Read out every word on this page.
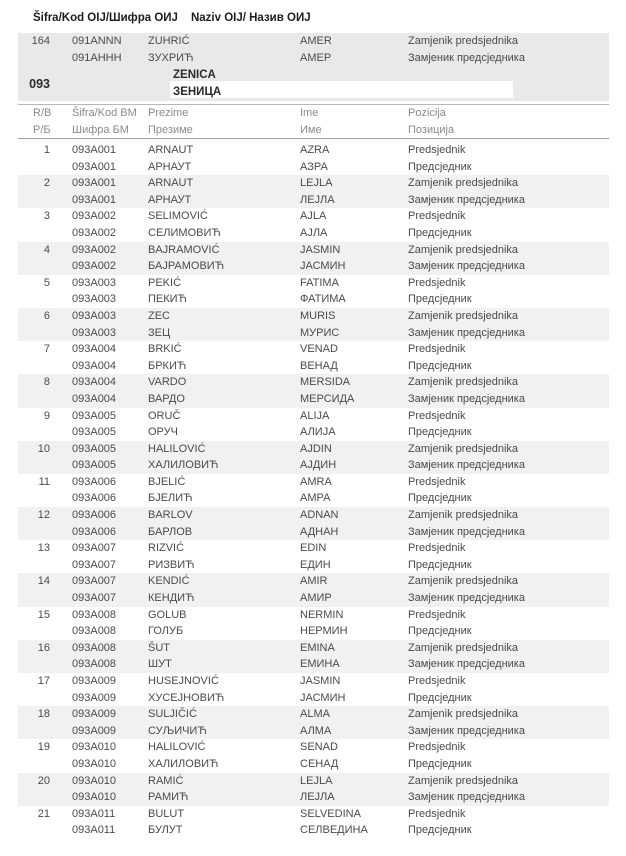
Šifra/Kod OIJ/Шифра ОИЈ Naziv OIJ/ Назив ОИЈ
164	091ANNN	ZUHRIĆ	AMER	Zamjenik predsjednika
091АННН	ЗУХРИЋ	АМЕР	Замјеник предсједника
093
ZENICA
ЗЕНИЦА
R/B	Šifra/Kod BM	Prezime	Ime	Pozicija
Р/Б	Шифра БМ	Презиме	Име	Позиција
1	093A001	ARNAUT	AZRA	Predsjednik
093A001	АРНАУТ	АЗРА	Предсједник
2	093A001	ARNAUT	LEJLA	Zamjenik predsjednika
093A001	АРНАУТ	ЛЕЈЛА	Замјеник предсједника
3	093A002	SELIMOVIĆ	AJLA	Predsjednik
093A002	СЕЛИМОВИЋ	АЈЛА	Предсједник
4	093A002	BAJRAMOVIĆ	JASMIN	Zamjenik predsjednika
093A002	БАЈРАМОВИЋ	ЈАСМИН	Замјеник предсједника
5	093A003	PEKIĆ	FATIMA	Predsjednik
093A003	ПЕКИЋ	ФАТИМА	Предсједник
6	093A003	ZEC	MURIS	Zamjenik predsjednika
093A003	ЗЕЦ	МУРИС	Замјеник предсједника
7	093A004	BRKIĆ	VENAD	Predsjednik
093A004	БРКИЋ	ВЕНАД	Предсједник
8	093A004	VARDO	MERSIDA	Zamjenik predsjednika
093A004	ВАРДО	МЕРСИДА	Замјеник предсједника
9	093A005	ORUČ	ALIJA	Predsjednik
093A005	ОРУЧ	АЛИЈА	Предсједник
10	093A005	HALILOVIĆ	AJDIN	Zamjenik predsjednika
093A005	ХАЛИЛОВИЋ	АЈДИН	Замјеник предсједника
11	093A006	BJELIĆ	AMRA	Predsjednik
093A006	БЈЕЛИЋ	АМРА	Предсједник
12	093A006	BARLOV	ADNAN	Zamjenik predsjednika
093A006	БАРЛОВ	АДНАН	Замјеник предсједника
13	093A007	RIZVIĆ	EDIN	Predsjednik
093A007	РИЗВИЋ	ЕДИН	Предсједник
14	093A007	KENDIĆ	AMIR	Zamjenik predsjednika
093A007	КЕНДИЋ	АМИР	Замјеник предсједника
15	093A008	GOLUB	NERMIN	Predsjednik
093A008	ГОЛУБ	НЕРМИН	Предсједник
16	093A008	ŠUT	EMINA	Zamjenik predsjednika
093A008	ШУТ	ЕМИНА	Замјеник предсједника
17	093A009	HUSEJNOVIĆ	JASMIN	Predsjednik
093A009	ХУСЕЈНОВИЋ	ЈАСМИН	Предсједник
18	093A009	SULJIČIĆ	ALMA	Zamjenik predsjednika
093A009	СУЉИЧИЋ	АЛМА	Замјеник предсједника
19	093A010	HALILOVIĆ	SENAD	Predsjednik
093A010	ХАЛИЛОВИЋ	СЕНАД	Предсједник
20	093A010	RAMIĆ	LEJLA	Zamjenik predsjednika
093A010	РАМИЋ	ЛЕЈЛА	Замјеник предсједника
21	093A011	BULUT	SELVEDINA	Predsjednik
093A011	БУЛУТ	СЕЛВЕДИНА	Предсједник
